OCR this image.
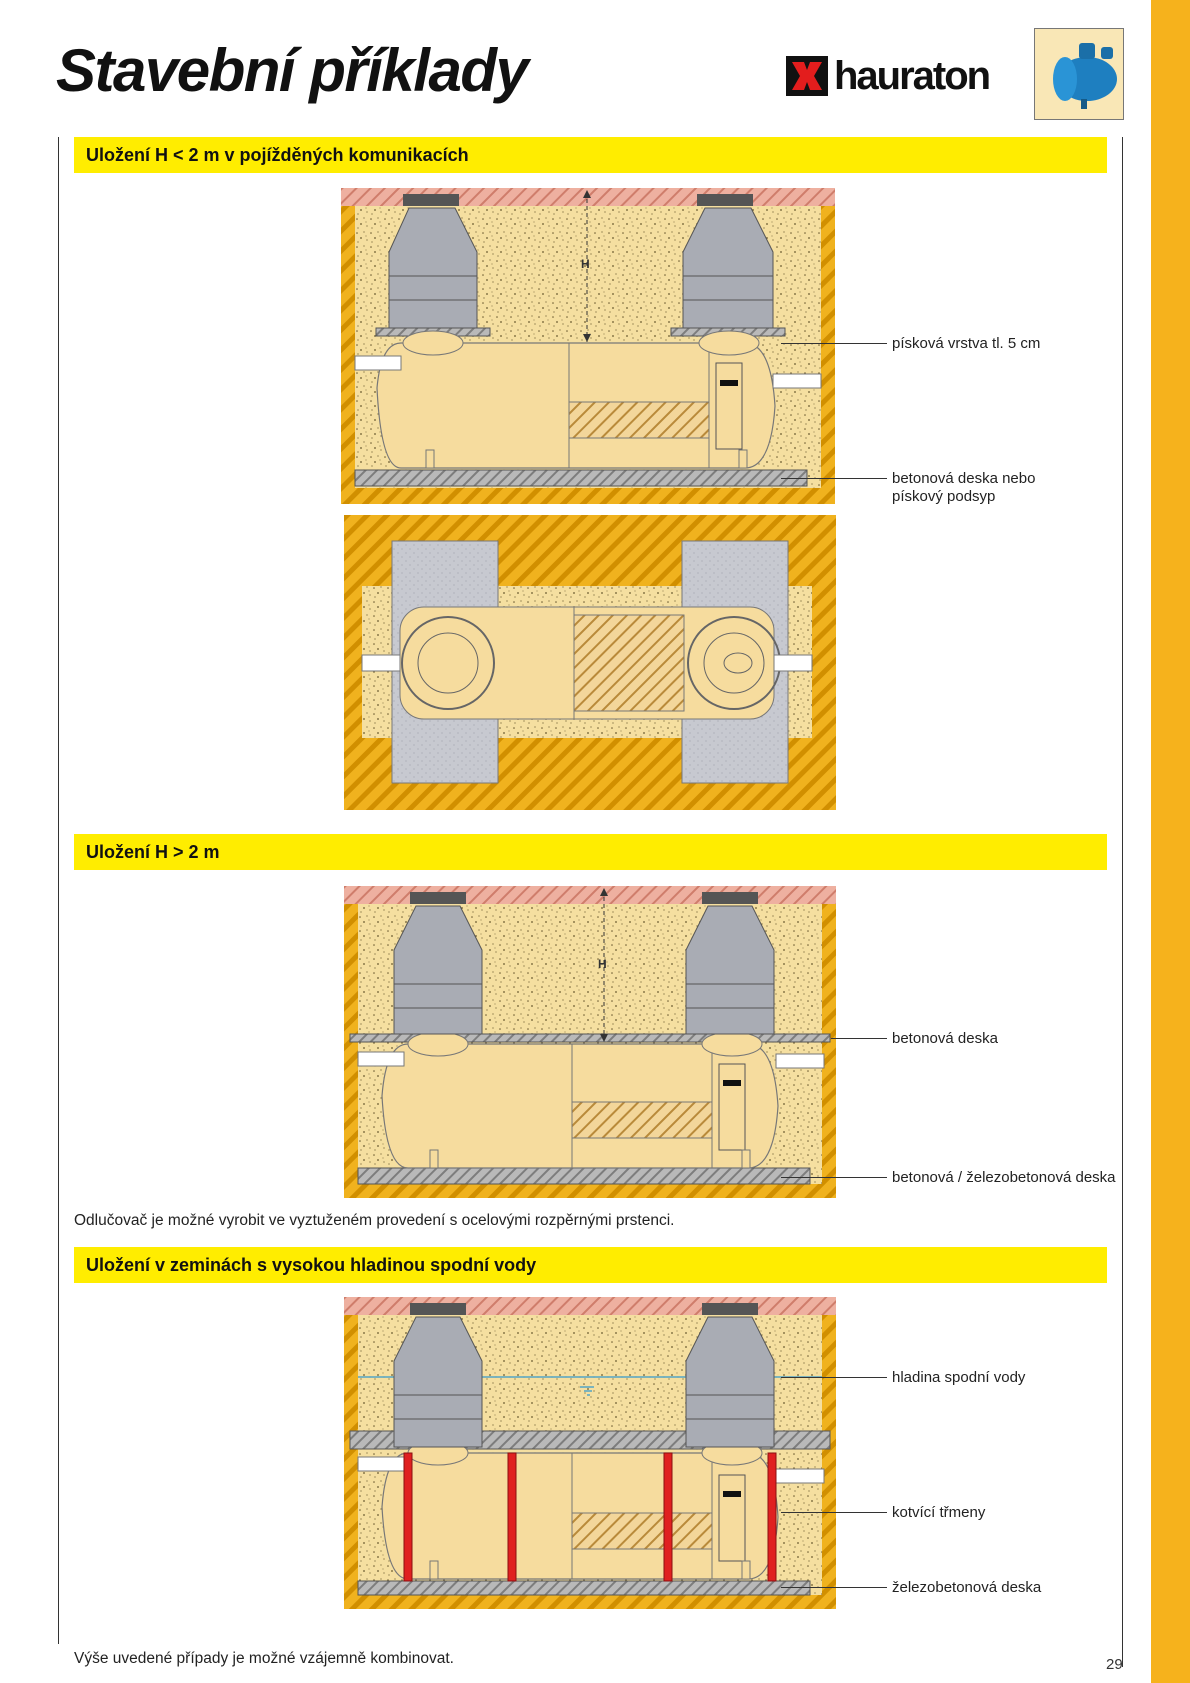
Stavební příklady	hauraton
Uložení H < 2 m v pojížděných komunikacích
H
písková vrstva tl. 5 cm
betonová deska nebo
pískový podsyp
Uložení H > 2 m
H
betonová deska
betonová / železobetonová deska
Odlučovač je možné vyrobit ve vyztuženém provedení s ocelovými rozpěrnými prstenci.
Uložení v zeminách s vysokou hladinou spodní vody
hladina spodní vody
kotvící třmeny
železobetonová deska
Výše uvedené případy je možné vzájemně kombinovat.	29
